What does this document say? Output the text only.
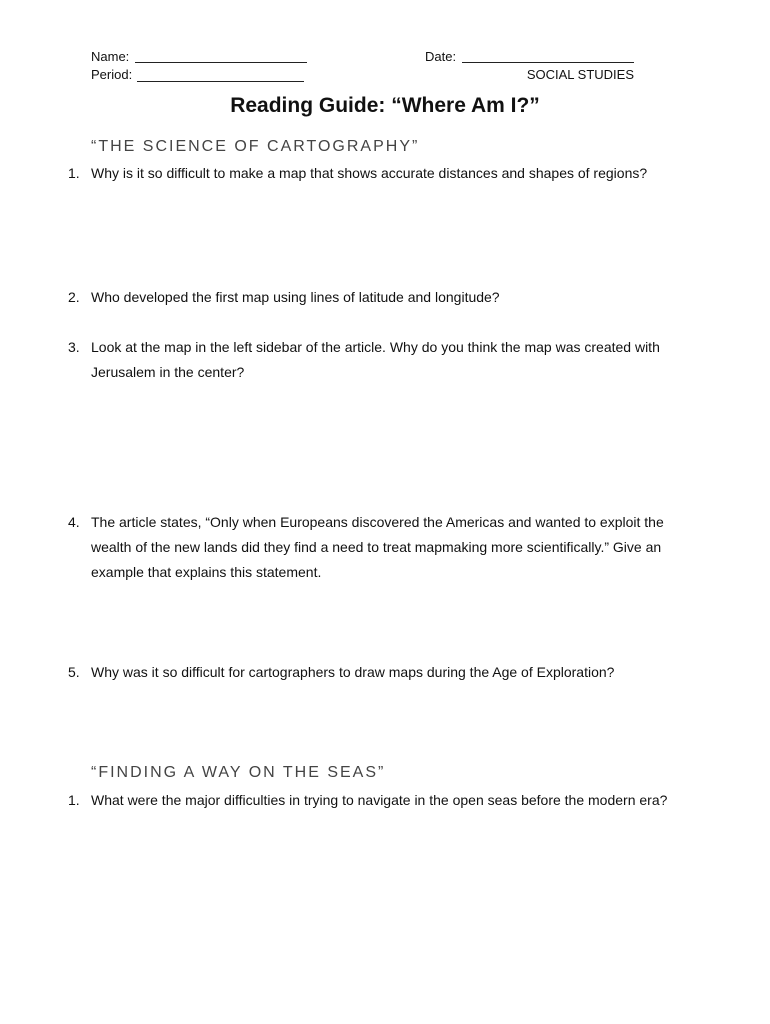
Name:	Date:
Period:	SOCIAL STUDIES
Reading Guide: “Where Am I?”
“THE SCIENCE OF CARTOGRAPHY”
1. Why is it so difficult to make a map that shows accurate distances and shapes of regions?
2. Who developed the first map using lines of latitude and longitude?
3. Look at the map in the left sidebar of the article. Why do you think the map was created with Jerusalem in the center?
4. The article states, “Only when Europeans discovered the Americas and wanted to exploit the wealth of the new lands did they find a need to treat mapmaking more scientifically.” Give an example that explains this statement.
5. Why was it so difficult for cartographers to draw maps during the Age of Exploration?
“FINDING A WAY ON THE SEAS”
1. What were the major difficulties in trying to navigate in the open seas before the modern era?
